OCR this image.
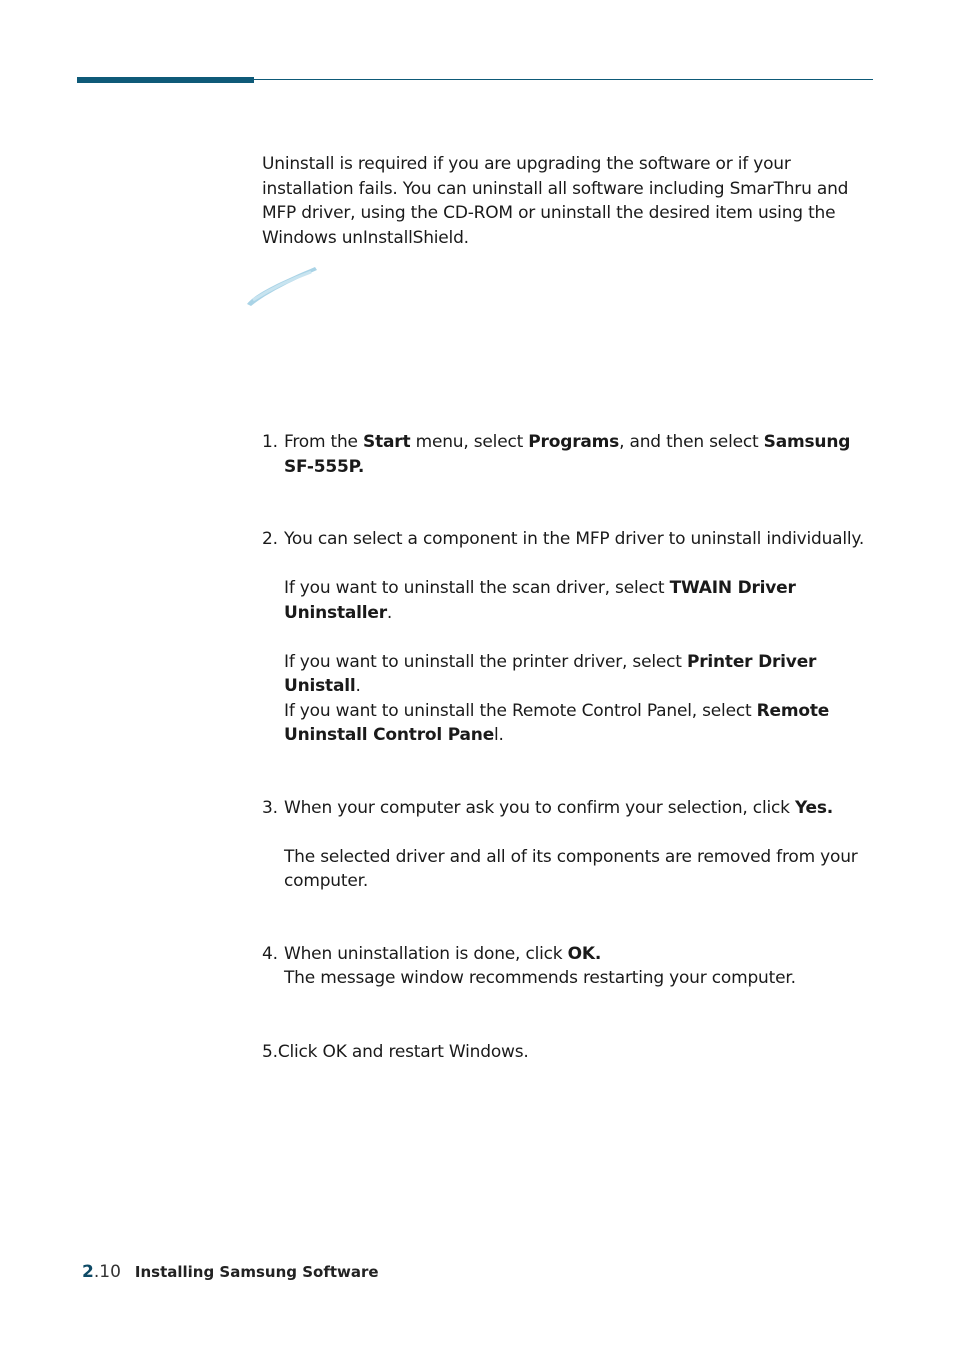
Uninstall is required if you are upgrading the software or if your installation fails. You can uninstall all software including SmarThru and MFP driver, using the CD-ROM or uninstall the desired item using the Windows unInstallShield.

1. From the Start menu, select Programs, and then select Samsung SF-555P.

2. You can select a component in the MFP driver to uninstall individually.

If you want to uninstall the scan driver, select TWAIN Driver Uninstaller.

If you want to uninstall the printer driver, select Printer Driver Unistall.

If you want to uninstall the Remote Control Panel, select Remote Uninstall Control Panel.

3. When your computer ask you to confirm your selection, click Yes.

The selected driver and all of its components are removed from your computer.

4. When uninstallation is done, click OK.

The message window recommends restarting your computer.

5.Click OK and restart Windows.
2 .10 Installing Samsung Software
